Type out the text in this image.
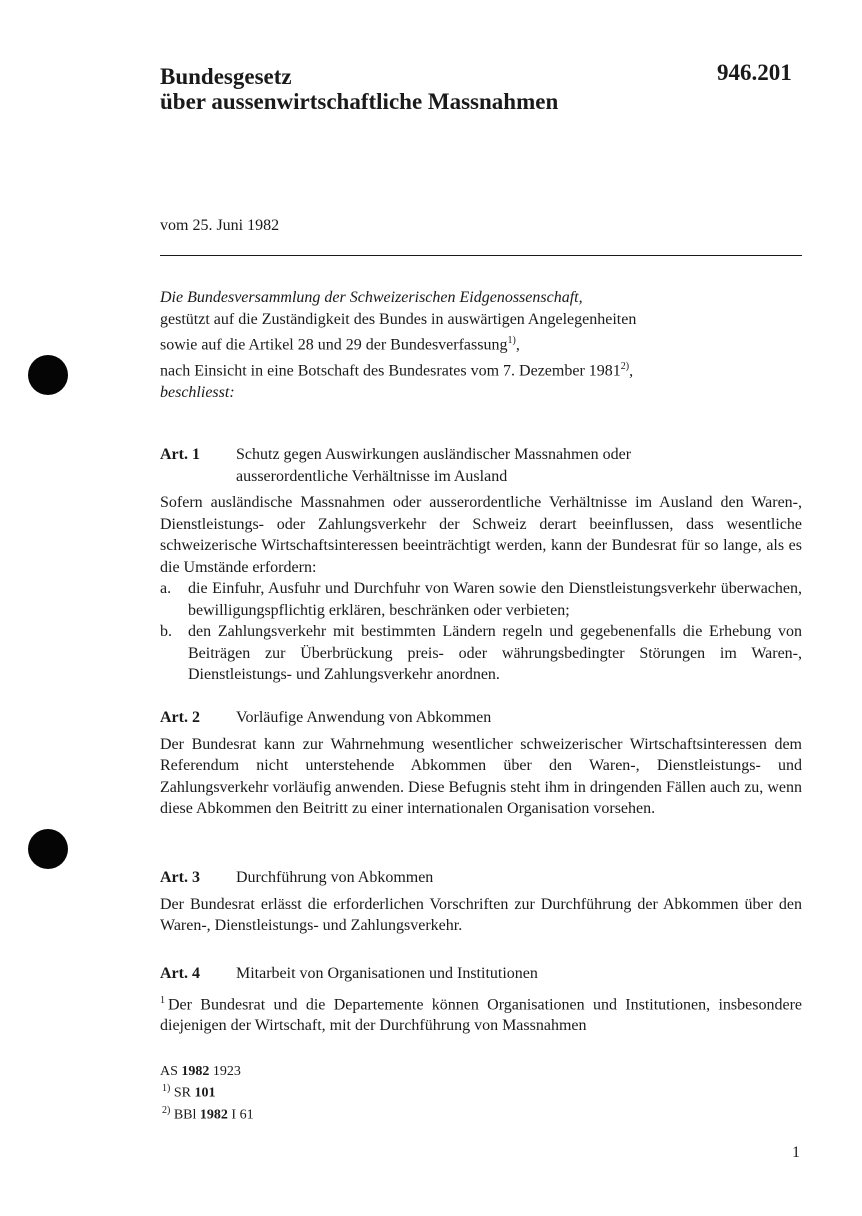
Bundesgesetz
über aussenwirtschaftliche Massnahmen
946.201
vom 25. Juni 1982
Die Bundesversammlung der Schweizerischen Eidgenossenschaft,
gestützt auf die Zuständigkeit des Bundes in auswärtigen Angelegenheiten
sowie auf die Artikel 28 und 29 der Bundesverfassung$^{1)}$,
nach Einsicht in eine Botschaft des Bundesrates vom 7. Dezember 1981$^{2)}$,
beschliesst:
Art. 1	Schutz gegen Auswirkungen ausländischer Massnahmen oder ausserordentliche Verhältnisse im Ausland
Sofern ausländische Massnahmen oder ausserordentliche Verhältnisse im Ausland den Waren-, Dienstleistungs- oder Zahlungsverkehr der Schweiz derart beeinflussen, dass wesentliche schweizerische Wirtschaftsinteressen beeinträchtigt werden, kann der Bundesrat für so lange, als es die Umstände erfordern:
a.	die Einfuhr, Ausfuhr und Durchfuhr von Waren sowie den Dienstleistungsverkehr überwachen, bewilligungspflichtig erklären, beschränken oder verbieten;
b.	den Zahlungsverkehr mit bestimmten Ländern regeln und gegebenenfalls die Erhebung von Beiträgen zur Überbrückung preis- oder währungsbedingter Störungen im Waren-, Dienstleistungs- und Zahlungsverkehr anordnen.
Art. 2	Vorläufige Anwendung von Abkommen
Der Bundesrat kann zur Wahrnehmung wesentlicher schweizerischer Wirtschaftsinteressen dem Referendum nicht unterstehende Abkommen über den Waren-, Dienstleistungs- und Zahlungsverkehr vorläufig anwenden. Diese Befugnis steht ihm in dringenden Fällen auch zu, wenn diese Abkommen den Beitritt zu einer internationalen Organisation vorsehen.
Art. 3	Durchführung von Abkommen
Der Bundesrat erlässt die erforderlichen Vorschriften zur Durchführung der Abkommen über den Waren-, Dienstleistungs- und Zahlungsverkehr.
Art. 4	Mitarbeit von Organisationen und Institutionen
$^1$ Der Bundesrat und die Departemente können Organisationen und Institutionen, insbesondere diejenigen der Wirtschaft, mit der Durchführung von Massnahmen
AS 1982 1923
$^{1)}$ SR 101
$^{2)}$ BBl 1982 I 61
1
